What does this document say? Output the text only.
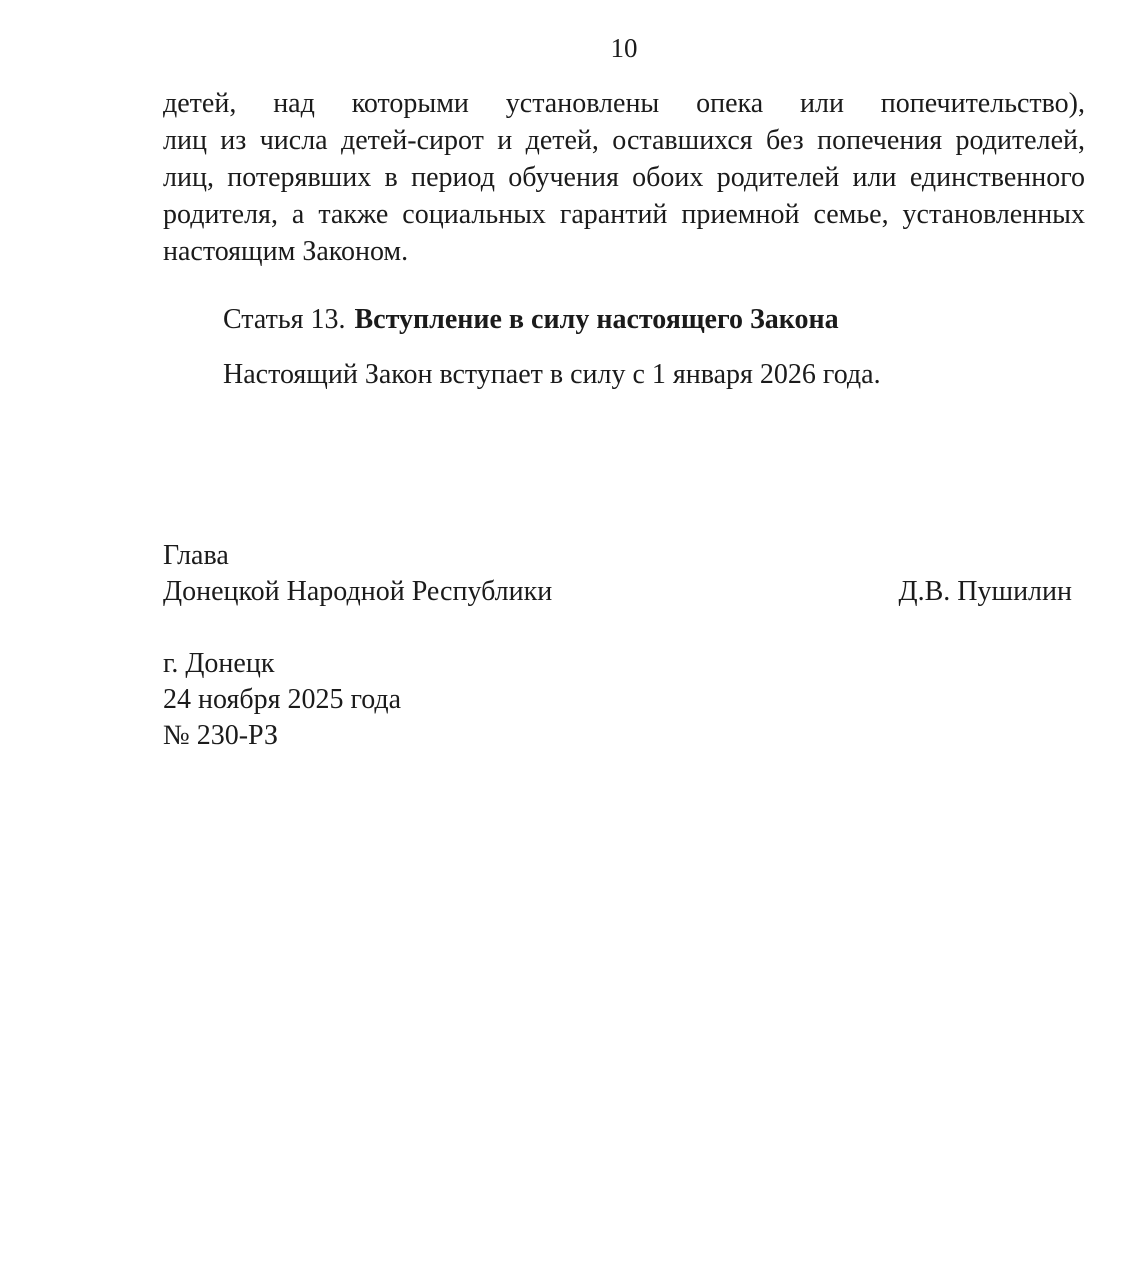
10
детей, над которыми установлены опека или попечительство),
лиц из числа детей-сирот и детей, оставшихся без попечения родителей,
лиц, потерявших в период обучения обоих родителей или единственного
родителя, а также социальных гарантий приемной семье, установленных
настоящим Законом.
Статья 13. Вступление в силу настоящего Закона
Настоящий Закон вступает в силу с 1 января 2026 года.
Глава
Донецкой Народной Республики	Д.В. Пушилин
г. Донецк
24 ноября 2025 года
№ 230-РЗ
